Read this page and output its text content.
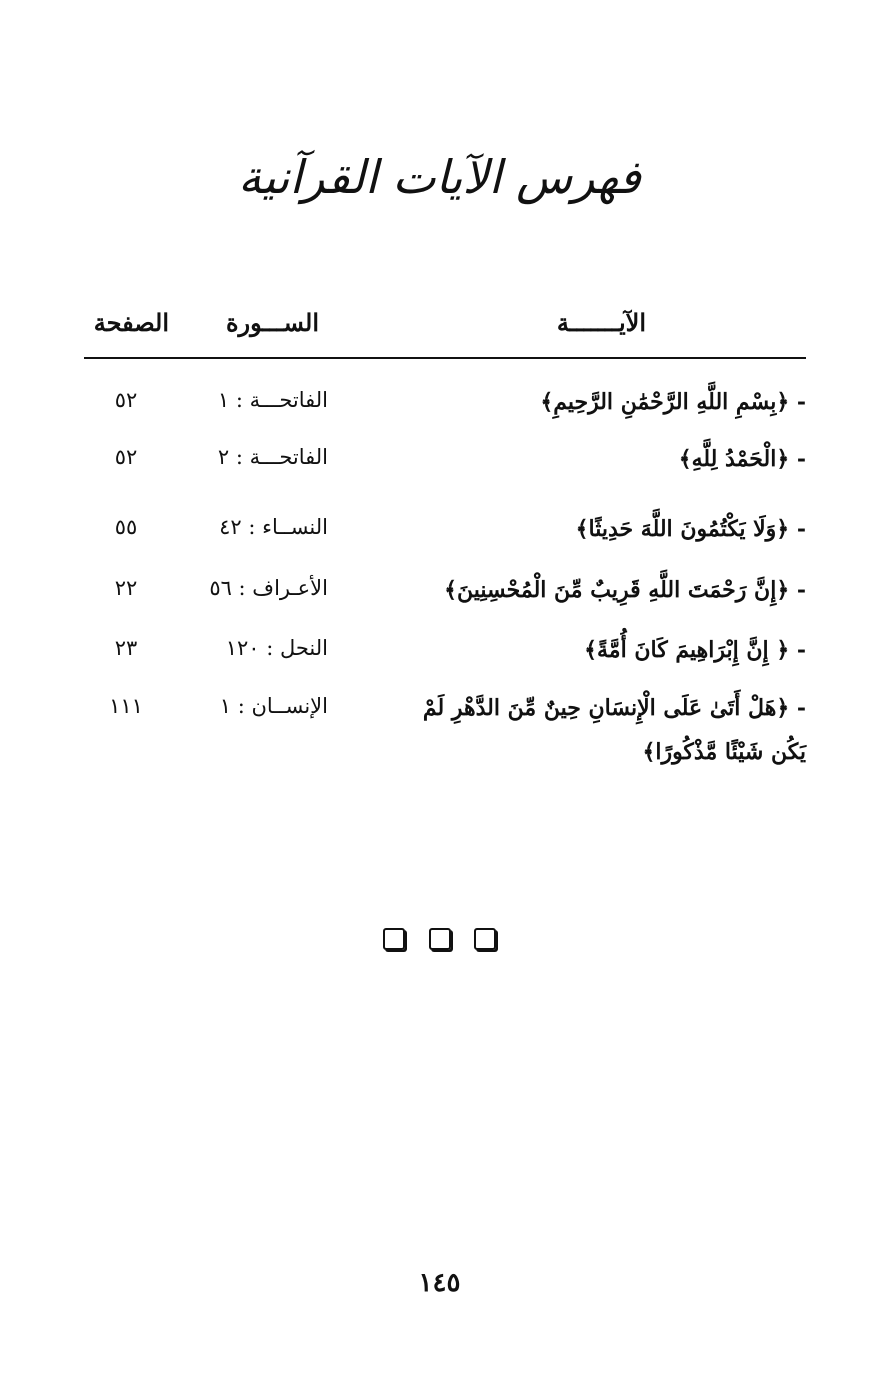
فهرس الآيات القرآنية
الآيـــــــة
الســـورة
الصفحة
- ﴿بِسْمِ اللَّهِ الرَّحْمَٰنِ الرَّحِيمِ﴾
الفاتحـــة : ١
٥٢
- ﴿الْحَمْدُ لِلَّهِ﴾
الفاتحـــة : ٢
٥٢
- ﴿وَلَا يَكْتُمُونَ اللَّهَ حَدِيثًا﴾
النســاء : ٤٢
٥٥
- ﴿إِنَّ رَحْمَتَ اللَّهِ قَرِيبٌ مِّنَ الْمُحْسِنِينَ﴾
الأعـراف : ٥٦
٢٢
- ﴿ إِنَّ إِبْرَاهِيمَ كَانَ أُمَّةً﴾
النحل : ١٢٠
٢٣
- ﴿هَلْ أَتَىٰ عَلَى الْإِنسَانِ حِينٌ مِّنَ الدَّهْرِ لَمْ يَكُن شَيْئًا مَّذْكُورًا﴾
الإنســان : ١
١١١

١٤٥
